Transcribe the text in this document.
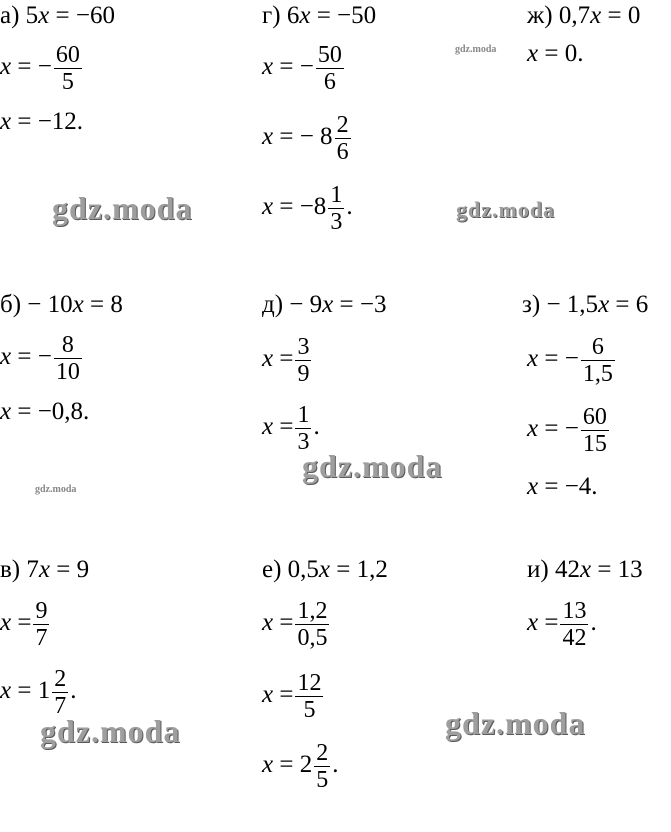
gdz.moda	gdz.moda
gdz.moda
gdz.moda
gdz.moda
gdz.moda	gdz.moda
а) 5x = −60
x = − $\frac{60}{5}$
x = −12.
г) 6x = −50
x = − $\frac{50}{6}$
x = − $8 \frac{2}{6}$
$x = -8 \frac{1}{3}$ .
ж) 0,7x = 0
x = 0.
б) − 10x = 8
x = − $\frac{8}{10}$
x = −0,8.
д) − 9x = −3
$x = \frac{3}{9}$
$x = \frac{1}{3}$ .
з) − 1,5x = 6
x = − $\frac{6}{1,5}$
x = − $\frac{60}{15}$
x = −4.
в) 7x = 9
$x = \frac{9}{7}$
$x = 1 \frac{2}{7}$ .
е) 0,5x = 1,2
$x = \frac{1,2}{0,5}$
$x = \frac{12}{5}$
$x = 2 \frac{2}{5}$ .
и) 42x = 13
$x = \frac{13}{42}$ .
